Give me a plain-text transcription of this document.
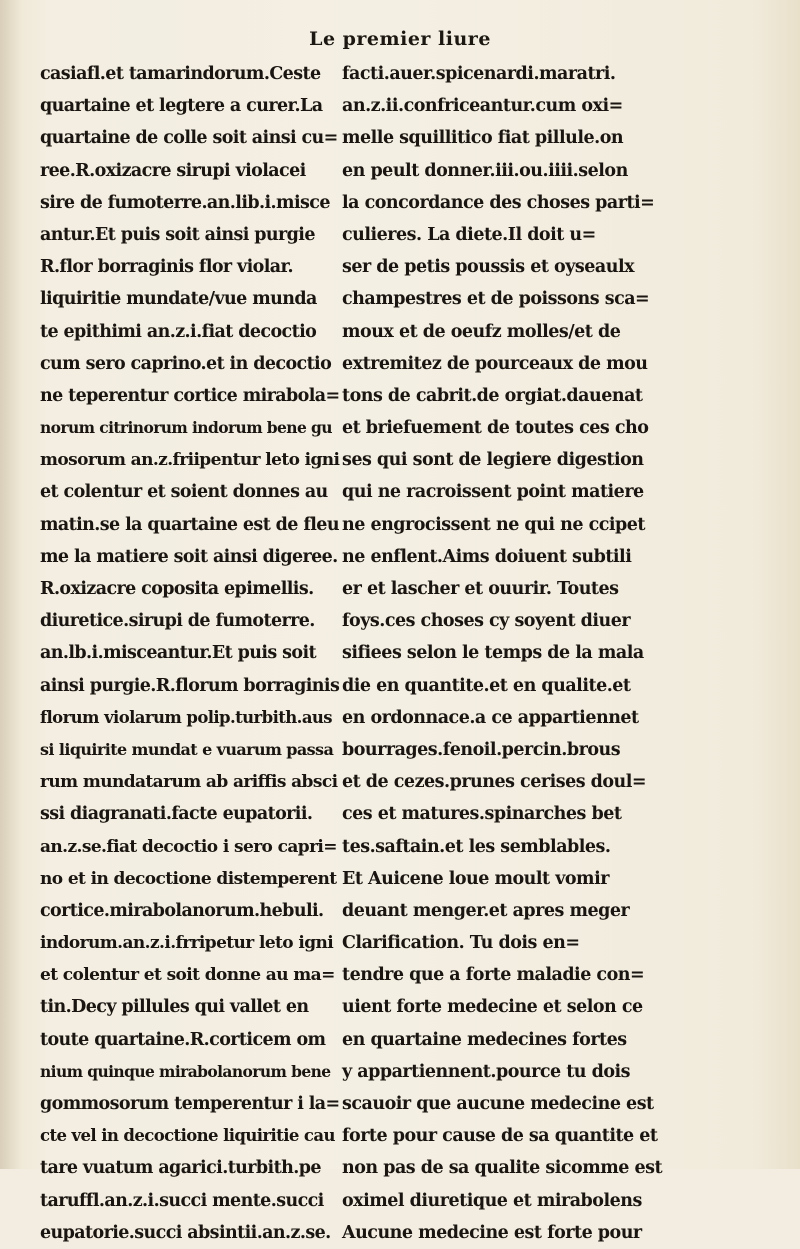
Le premier liure
casiafl.et tamarindorum.Ceste
quartaine et legtere a curer.La
quartaine de colle soit ainsi cu=
ree.R.oxizacre sirupi violacei
sire de fumoterre.an.lib.i.misce
antur.Et puis soit ainsi purgie
R.flor borraginis flor violar.
liquiritie mundate/vue munda
te epithimi an.z.i.fiat decoctio
cum sero caprino.et in decoctio
ne teperentur cortice mirabola=
norum citrinorum indorum bene gu
mosorum an.z.friipentur leto igni
et colentur et soient donnes au
matin.se la quartaine est de fleu
me la matiere soit ainsi digeree.
R.oxizacre coposita epimellis.
diuretice.sirupi de fumoterre.
an.lb.i.misceantur.Et puis soit
ainsi purgie.R.florum borraginis
florum violarum polip.turbith.aus
si liquirite mundat e vuarum passa
rum mundatarum ab ariffis absci
ssi diagranati.facte eupatorii.
an.z.se.fiat decoctio i sero capri=
no et in decoctione distemperent
cortice.mirabolanorum.hebuli.
indorum.an.z.i.frripetur leto igni
et colentur et soit donne au ma=
tin.Decy pillules qui vallet en
toute quartaine.R.corticem om
nium quinque mirabolanorum bene
gommosorum temperentur i la=
cte vel in decoctione liquiritie cau
tare vuatum agarici.turbith.pe
taruffl.an.z.i.succi mente.succi
eupatorie.succi absintii.an.z.se.
facti.auer.spicenardi.maratri.
an.z.ii.confriceantur.cum oxi=
melle squillitico fiat pillule.on
en peult donner.iii.ou.iiii.selon
la concordance des choses parti=
culieres. La diete.Il doit u=
ser de petis poussis et oyseaulx
champestres et de poissons sca=
moux et de oeufz molles/et de
extremitez de pourceaux de mou
tons de cabrit.de orgiat.dauenat
et briefuement de toutes ces cho
ses qui sont de legiere digestion
qui ne racroissent point matiere
ne engrocissent ne qui ne ccipet
ne enflent.Aims doiuent subtili
er et lascher et ouurir. Toutes
foys.ces choses cy soyent diuer
sifiees selon le temps de la mala
die en quantite.et en qualite.et
en ordonnace.a ce appartiennet
bourrages.fenoil.percin.brous
et de cezes.prunes cerises doul=
ces et matures.spinarches bet
tes.saftain.et les semblables.
Et Auicene loue moult vomir
deuant menger.et apres meger
Clarification. Tu dois en=
tendre que a forte maladie con=
uient forte medecine et selon ce
en quartaine medecines fortes
y appartiennent.pource tu dois
scauoir que aucune medecine est
forte pour cause de sa quantite et
non pas de sa qualite sicomme est
oximel diuretique et mirabolens
Aucune medecine est forte pour
